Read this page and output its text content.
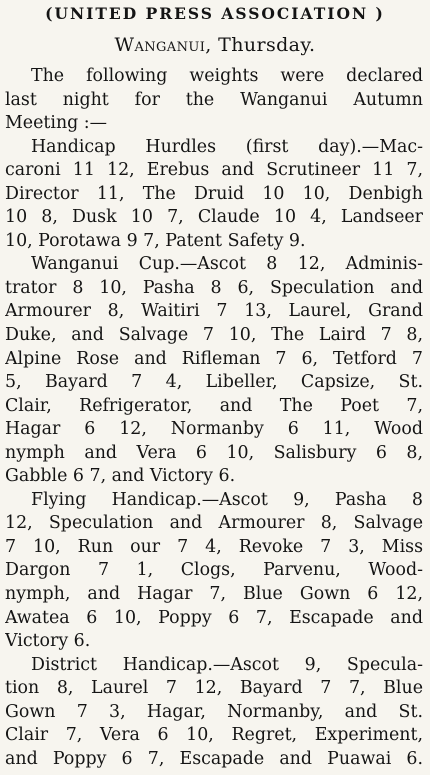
(UNITED PRESS ASSOCIATION )
Wanganui, Thursday.
The following weights were declared
last night for the Wanganui Autumn
Meeting :—
Handicap Hurdles (first day).—Mac-
caroni 11 12, Erebus and Scrutineer 11 7,
Director 11, The Druid 10 10, Denbigh
10 8, Dusk 10 7, Claude 10 4, Landseer
10, Porotawa 9 7, Patent Safety 9.
Wanganui Cup.—Ascot 8 12, Adminis-
trator 8 10, Pasha 8 6, Speculation and
Armourer 8, Waitiri 7 13, Laurel, Grand
Duke, and Salvage 7 10, The Laird 7 8,
Alpine Rose and Rifleman 7 6, Tetford 7
5, Bayard 7 4, Libeller, Capsize, St.
Clair, Refrigerator, and The Poet 7,
Hagar 6 12, Normanby 6 11, Wood
nymph and Vera 6 10, Salisbury 6 8,
Gabble 6 7, and Victory 6.
Flying Handicap.—Ascot 9, Pasha 8
12, Speculation and Armourer 8, Salvage
7 10, Run our 7 4, Revoke 7 3, Miss
Dargon 7 1, Clogs, Parvenu, Wood-
nymph, and Hagar 7, Blue Gown 6 12,
Awatea 6 10, Poppy 6 7, Escapade and
Victory 6.
District Handicap.—Ascot 9, Specula-
tion 8, Laurel 7 12, Bayard 7 7, Blue
Gown 7 3, Hagar, Normanby, and St.
Clair 7, Vera 6 10, Regret, Experiment,
and Poppy 6 7, Escapade and Puawai 6.
